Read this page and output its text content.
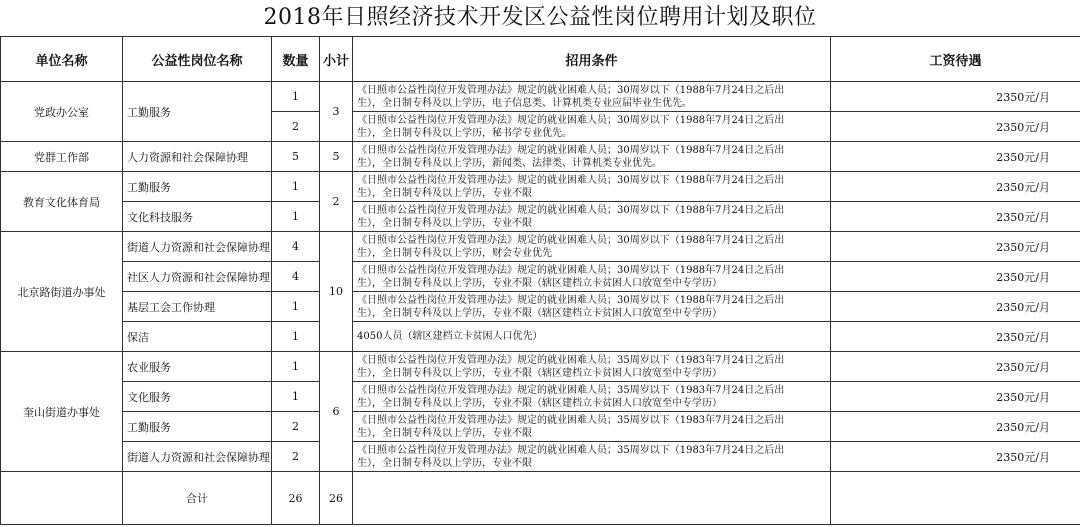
2018年日照经济技术开发区公益性岗位聘用计划及职位
单位名称	公益性岗位名称	数量	小计	招用条件	工资待遇
党政办公室	工勤服务	1	3	《日照市公益性岗位开发管理办法》规定的就业困难人员；30周岁以下（1988年7月24日之后出
生），全日制专科及以上学历，电子信息类、计算机类专业应届毕业生优先。	2350元/月
		2		《日照市公益性岗位开发管理办法》规定的就业困难人员；30周岁以下（1988年7月24日之后出
生），全日制专科及以上学历，秘书学专业优先。	2350元/月
党群工作部	人力资源和社会保障协理	5	5	《日照市公益性岗位开发管理办法》规定的就业困难人员；30周岁以下（1988年7月24日之后出
生），全日制专科及以上学历，新闻类、法律类、计算机类专业优先。	2350元/月
教育文化体育局	工勤服务	1	2	《日照市公益性岗位开发管理办法》规定的就业困难人员；30周岁以下（1988年7月24日之后出
生），全日制专科及以上学历，专业不限	2350元/月
	文化科技服务	1		《日照市公益性岗位开发管理办法》规定的就业困难人员；30周岁以下（1988年7月24日之后出
生），全日制专科及以上学历，专业不限	2350元/月
北京路街道办事处	街道人力资源和社会保障协理	4	10	《日照市公益性岗位开发管理办法》规定的就业困难人员；30周岁以下（1988年7月24日之后出
生），全日制专科及以上学历，财会专业优先	2350元/月
	社区人力资源和社会保障协理	4		《日照市公益性岗位开发管理办法》规定的就业困难人员；30周岁以下（1988年7月24日之后出
生），全日制专科及以上学历，专业不限（辖区建档立卡贫困人口放宽至中专学历）	2350元/月
	基层工会工作协理	1		《日照市公益性岗位开发管理办法》规定的就业困难人员；30周岁以下（1988年7月24日之后出
生），全日制专科及以上学历，专业不限（辖区建档立卡贫困人口放宽至中专学历）	2350元/月
	保洁	1		4050人员（辖区建档立卡贫困人口优先）	2350元/月
奎山街道办事处	农业服务	1	6	《日照市公益性岗位开发管理办法》规定的就业困难人员；35周岁以下（1983年7月24日之后出
生），全日制专科及以上学历，专业不限（辖区建档立卡贫困人口放宽至中专学历）	2350元/月
	文化服务	1		《日照市公益性岗位开发管理办法》规定的就业困难人员；35周岁以下（1983年7月24日之后出
生），全日制专科及以上学历，专业不限（辖区建档立卡贫困人口放宽至中专学历）	2350元/月
	工勤服务	2		《日照市公益性岗位开发管理办法》规定的就业困难人员；35周岁以下（1983年7月24日之后出
生），全日制专科及以上学历，专业不限	2350元/月
	街道人力资源和社会保障协理	2		《日照市公益性岗位开发管理办法》规定的就业困难人员；35周岁以下（1983年7月24日之后出
生），全日制专科及以上学历，专业不限	2350元/月
	合计	26	26		
